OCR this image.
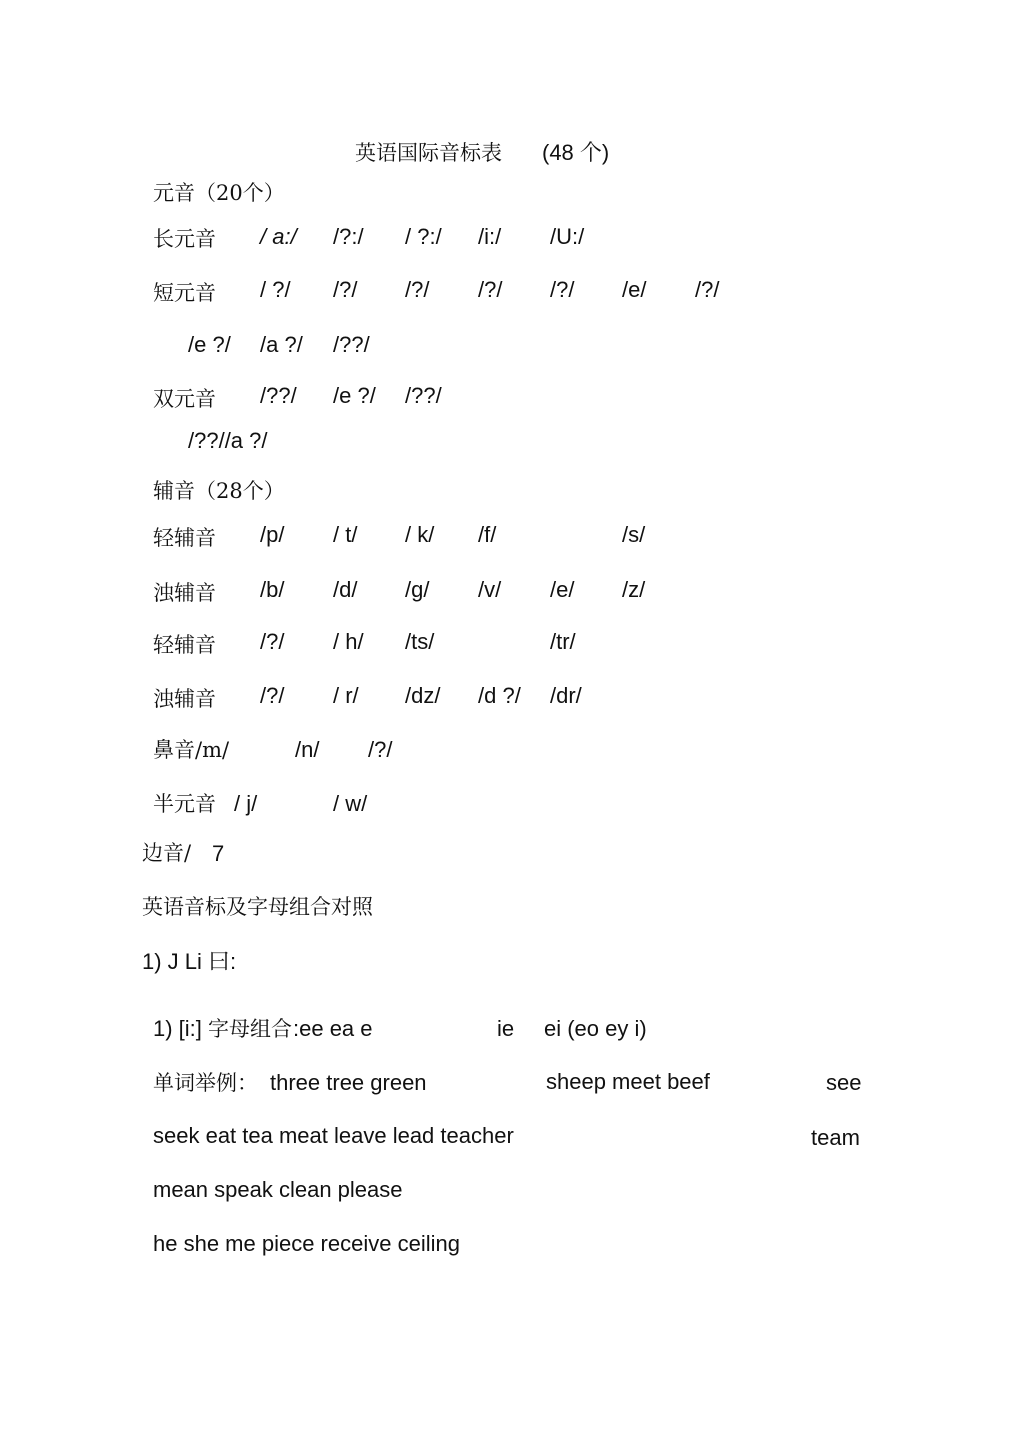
英语国际音标表 (48 个)
元音（20个）
长元音 / a:/ /?:/ / ?:/ /i:/ /U:/
短元音 / ?/ /?/ /?/ /?/ /?/ /e/ /?/
/e ?/ /a ?/ /??/
双元音 /??/ /e ?/ /??/
/??//a ?/
辅音（28个）
轻辅音 /p/ / t/ / k/ /f/	/s/
浊辅音 /b/ /d/ /g/ /v/ /e/ /z/
轻辅音 /?/ / h/ /ts/	/tr/
浊辅音 /?/ / r/ /dz/ /d ?/ /dr/
鼻音/m/	/n/ /?/
半元音 / j/	/ w/
边音/ 7
英语音标及字母组合对照
1) J Li 曰:
1) [i:] 字母组合 :ee ea e	ie ei (eo ey i)
单词举例： three tree green	sheep meet beef	see
seek eat tea meat leave lead teacher	team
mean speak clean please
he she me piece receive ceiling
